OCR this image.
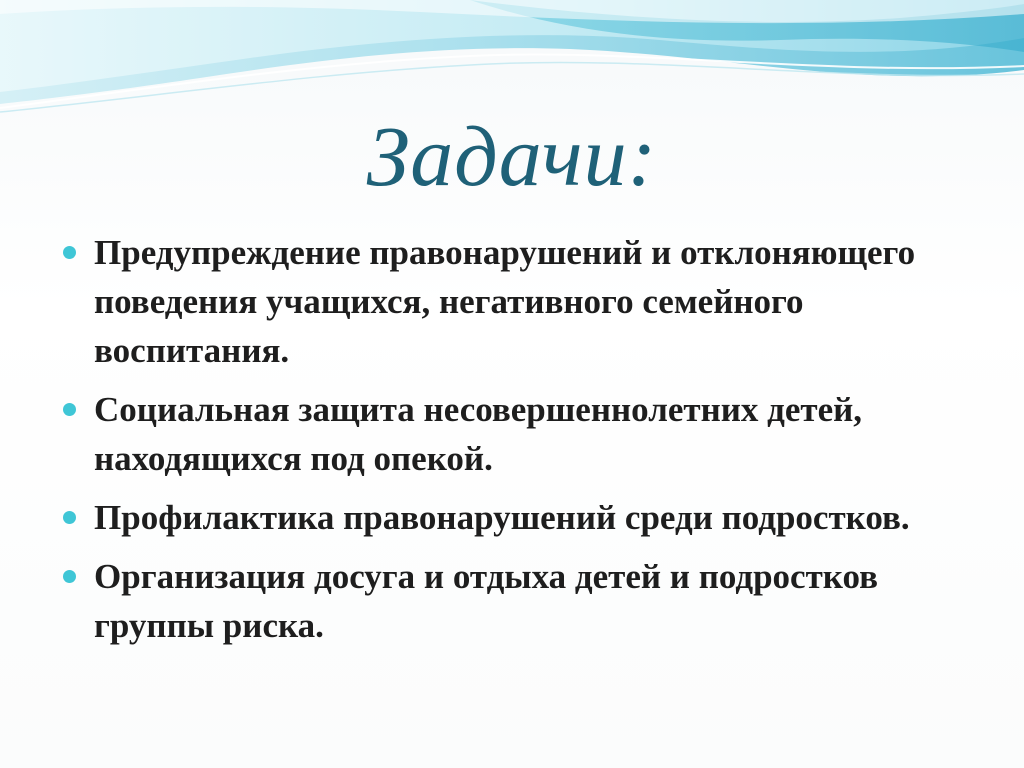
Задачи:
Предупреждение правонарушений и отклоняющего поведения учащихся, негативного семейного воспитания.
Социальная защита несовершеннолетних детей, находящихся под опекой.
Профилактика правонарушений среди подростков.
Организация досуга и отдыха детей и подростков группы риска.
